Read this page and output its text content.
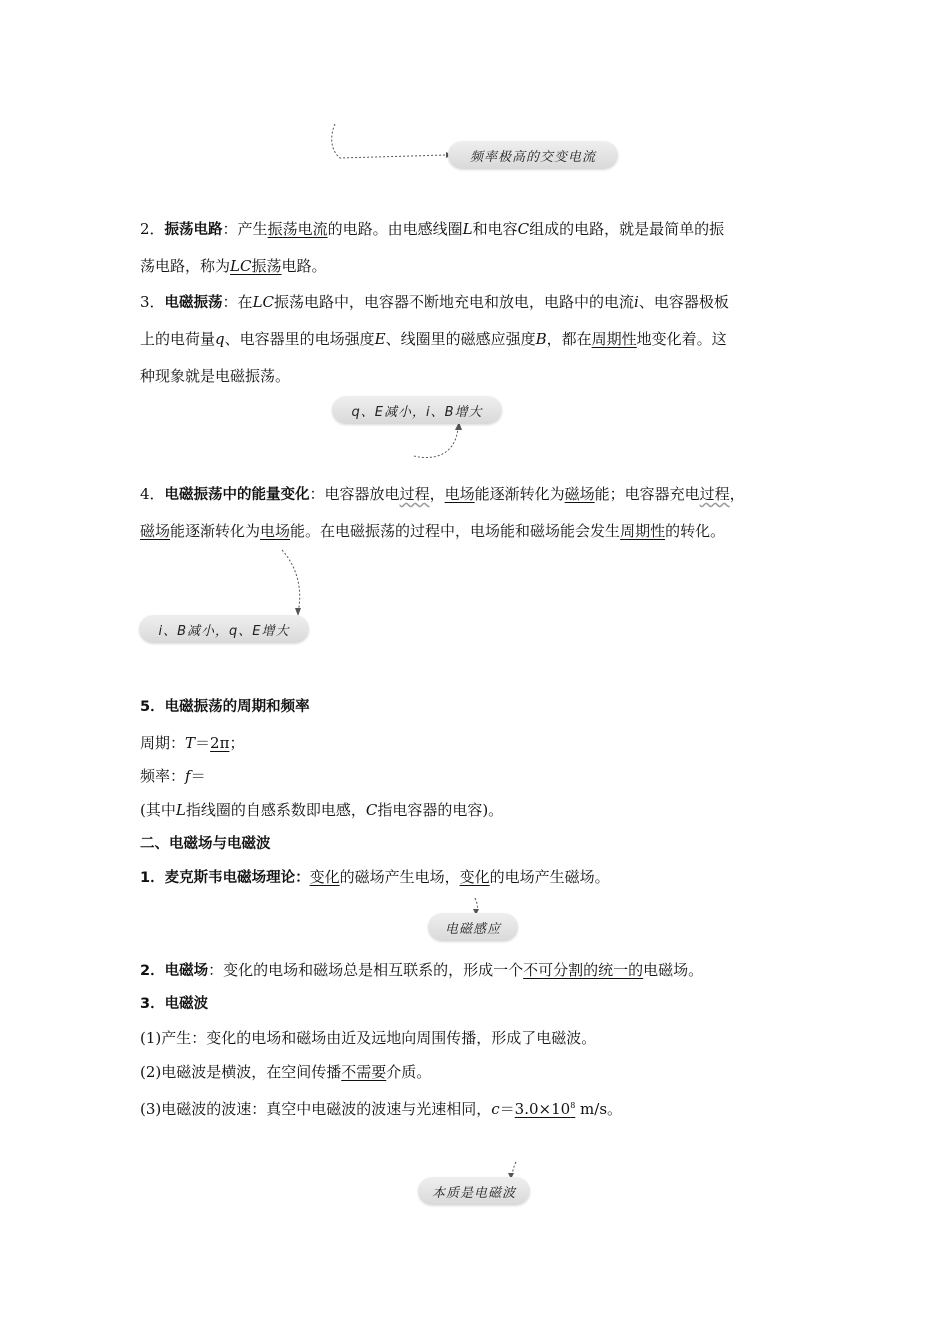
频率极高的交变电流
2．振荡电路：产生振荡电流的电路。由电感线圈L和电容C组成的电路，就是最简单的振
荡电路，称为LC振荡电路。
3．电磁振荡：在LC振荡电路中，电容器不断地充电和放电，电路中的电流i、电容器极板
上的电荷量q、电容器里的电场强度E、线圈里的磁感应强度B，都在周期性地变化着。这
种现象就是电磁振荡。
q、E减小，i、B增大
4．电磁振荡中的能量变化：电容器放电过程，电场能逐渐转化为磁场能；电容器充电过程，
磁场能逐渐转化为电场能。在电磁振荡的过程中，电场能和磁场能会发生周期性的转化。
i、B减小，q、E增大
5．电磁振荡的周期和频率
周期：T＝2π；
频率：f＝
(其中L指线圈的自感系数即电感，C指电容器的电容)。
二、电磁场与电磁波
1．麦克斯韦电磁场理论：变化的磁场产生电场，变化的电场产生磁场。
电磁感应
2．电磁场：变化的电场和磁场总是相互联系的，形成一个不可分割的统一的电磁场。
3．电磁波
(1)产生：变化的电场和磁场由近及远地向周围传播，形成了电磁波。
(2)电磁波是横波，在空间传播不需要介质。
(3)电磁波的波速：真空中电磁波的波速与光速相同，$c=3.0\times 10^8$ m/s。
本质是电磁波
